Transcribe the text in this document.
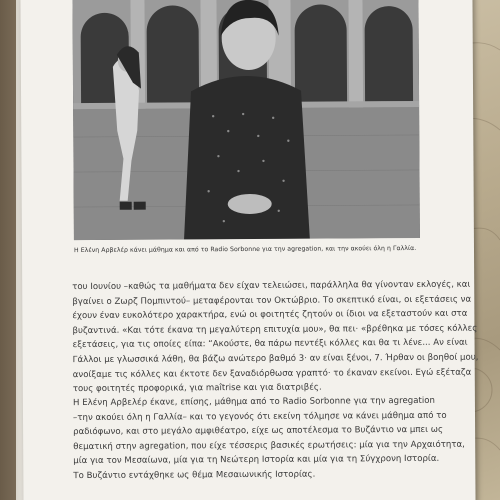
Η Ελένη Αρβελέρ κάνει μάθημα και από το Radio Sorbonne για την agregation, και την ακούει όλη η Γαλλία.
του Ιουνίου –καθώς τα μαθήματα δεν είχαν τελειώσει, παράλληλα θα γίνονταν εκλογές, και
βγαίνει ο Ζωρζ Πομπιντού– μεταφέρονται τον Οκτώβριο. Το σκεπτικό είναι, οι εξετάσεις να
έχουν έναν ευκολότερο χαρακτήρα, ενώ οι φοιτητές ζητούν οι ίδιοι να εξεταστούν και στα
βυζαντινά. «Και τότε έκανα τη μεγαλύτερη επιτυχία μου», θα πει· «βρέθηκα με τόσες κόλλες
εξετάσεις, για τις οποίες είπα: “Ακούστε, θα πάρω πεντέξι κόλλες και θα τι λένε... Αν είναι
Γάλλοι με γλωσσικά λάθη, θα βάζω ανώτερο βαθμό 3· αν είναι ξένοι, 7. Ήρθαν οι βοηθοί μου,
ανοίξαμε τις κόλλες και έκτοτε δεν ξαναδιόρθωσα γραπτό· το έκαναν εκείνοι. Εγώ εξέταζα
τους φοιτητές προφορικά, για maîtrise και για διατριβές.
Η Ελένη Αρβελέρ έκανε, επίσης, μάθημα από το Radio Sorbonne για την agregation
–την ακούει όλη η Γαλλία– και το γεγονός ότι εκείνη τόλμησε να κάνει μάθημα από το
ραδιόφωνο, και στο μεγάλο αμφιθέατρο, είχε ως αποτέλεσμα το Βυζάντιο να μπει ως
θεματική στην agregation, που είχε τέσσερις βασικές ερωτήσεις: μία για την Αρχαιότητα,
μία για τον Μεσαίωνα, μία για τη Νεώτερη Ιστορία και μία για τη Σύγχρονη Ιστορία.
Το Βυζάντιο εντάχθηκε ως θέμα Μεσαιωνικής Ιστορίας.
